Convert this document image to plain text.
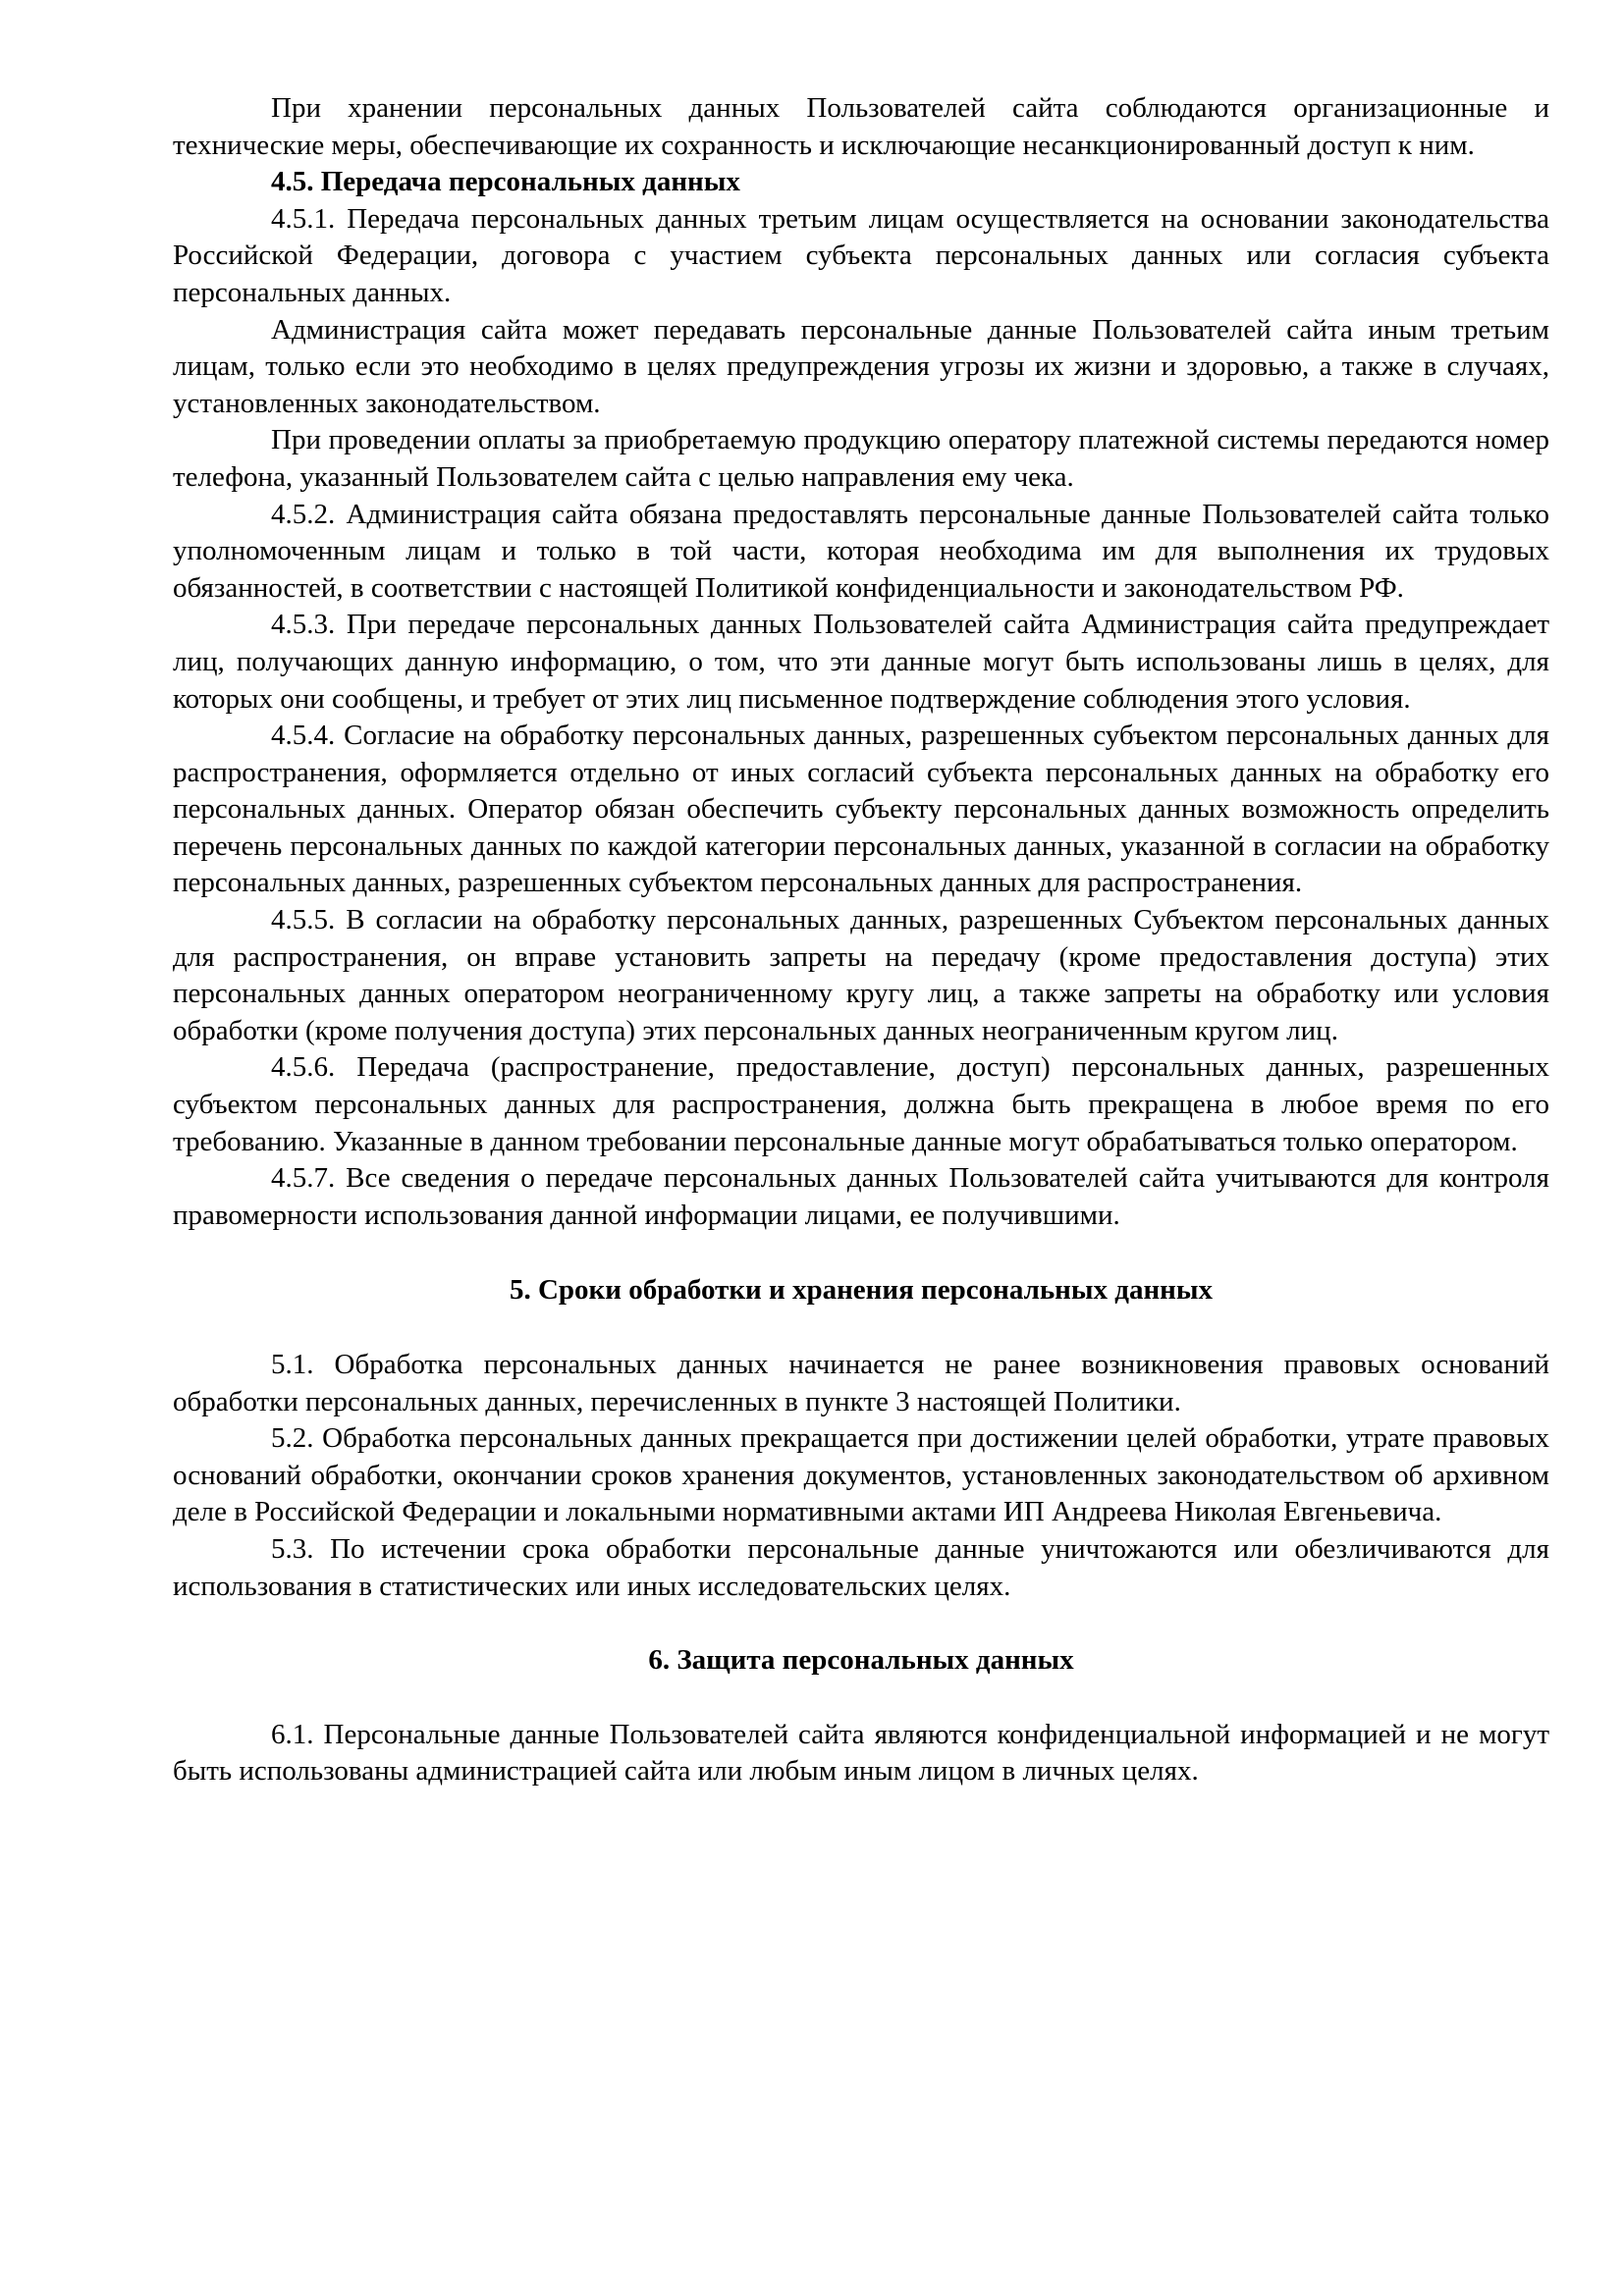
При хранении персональных данных Пользователей сайта соблюдаются организационные и технические меры, обеспечивающие их сохранность и исключающие несанкционированный доступ к ним.

4.5. Передача персональных данных

4.5.1. Передача персональных данных третьим лицам осуществляется на основании законодательства Российской Федерации, договора с участием субъекта персональных данных или согласия субъекта персональных данных.

Администрация сайта может передавать персональные данные Пользователей сайта иным третьим лицам, только если это необходимо в целях предупреждения угрозы их жизни и здоровью, а также в случаях, установленных законодательством.

При проведении оплаты за приобретаемую продукцию оператору платежной системы передаются номер телефона, указанный Пользователем сайта с целью направления ему чека.

4.5.2. Администрация сайта обязана предоставлять персональные данные Пользователей сайта только уполномоченным лицам и только в той части, которая необходима им для выполнения их трудовых обязанностей, в соответствии с настоящей Политикой конфиденциальности и законодательством РФ.

4.5.3. При передаче персональных данных Пользователей сайта Администрация сайта предупреждает лиц, получающих данную информацию, о том, что эти данные могут быть использованы лишь в целях, для которых они сообщены, и требует от этих лиц письменное подтверждение соблюдения этого условия.

4.5.4. Согласие на обработку персональных данных, разрешенных субъектом персональных данных для распространения, оформляется отдельно от иных согласий субъекта персональных данных на обработку его персональных данных. Оператор обязан обеспечить субъекту персональных данных возможность определить перечень персональных данных по каждой категории персональных данных, указанной в согласии на обработку персональных данных, разрешенных субъектом персональных данных для распространения.

4.5.5. В согласии на обработку персональных данных, разрешенных Субъектом персональных данных для распространения, он вправе установить запреты на передачу (кроме предоставления доступа) этих персональных данных оператором неограниченному кругу лиц, а также запреты на обработку или условия обработки (кроме получения доступа) этих персональных данных неограниченным кругом лиц.

4.5.6. Передача (распространение, предоставление, доступ) персональных данных, разрешенных субъектом персональных данных для распространения, должна быть прекращена в любое время по его требованию. Указанные в данном требовании персональные данные могут обрабатываться только оператором.

4.5.7. Все сведения о передаче персональных данных Пользователей сайта учитываются для контроля правомерности использования данной информации лицами, ее получившими.

5. Сроки обработки и хранения персональных данных

5.1. Обработка персональных данных начинается не ранее возникновения правовых оснований обработки персональных данных, перечисленных в пункте 3 настоящей Политики.

5.2. Обработка персональных данных прекращается при достижении целей обработки, утрате правовых оснований обработки, окончании сроков хранения документов, установленных законодательством об архивном деле в Российской Федерации и локальными нормативными актами ИП Андреева Николая Евгеньевича.

5.3. По истечении срока обработки персональные данные уничтожаются или обезличиваются для использования в статистических или иных исследовательских целях.

6. Защита персональных данных

6.1. Персональные данные Пользователей сайта являются конфиденциальной информацией и не могут быть использованы администрацией сайта или любым иным лицом в личных целях.
